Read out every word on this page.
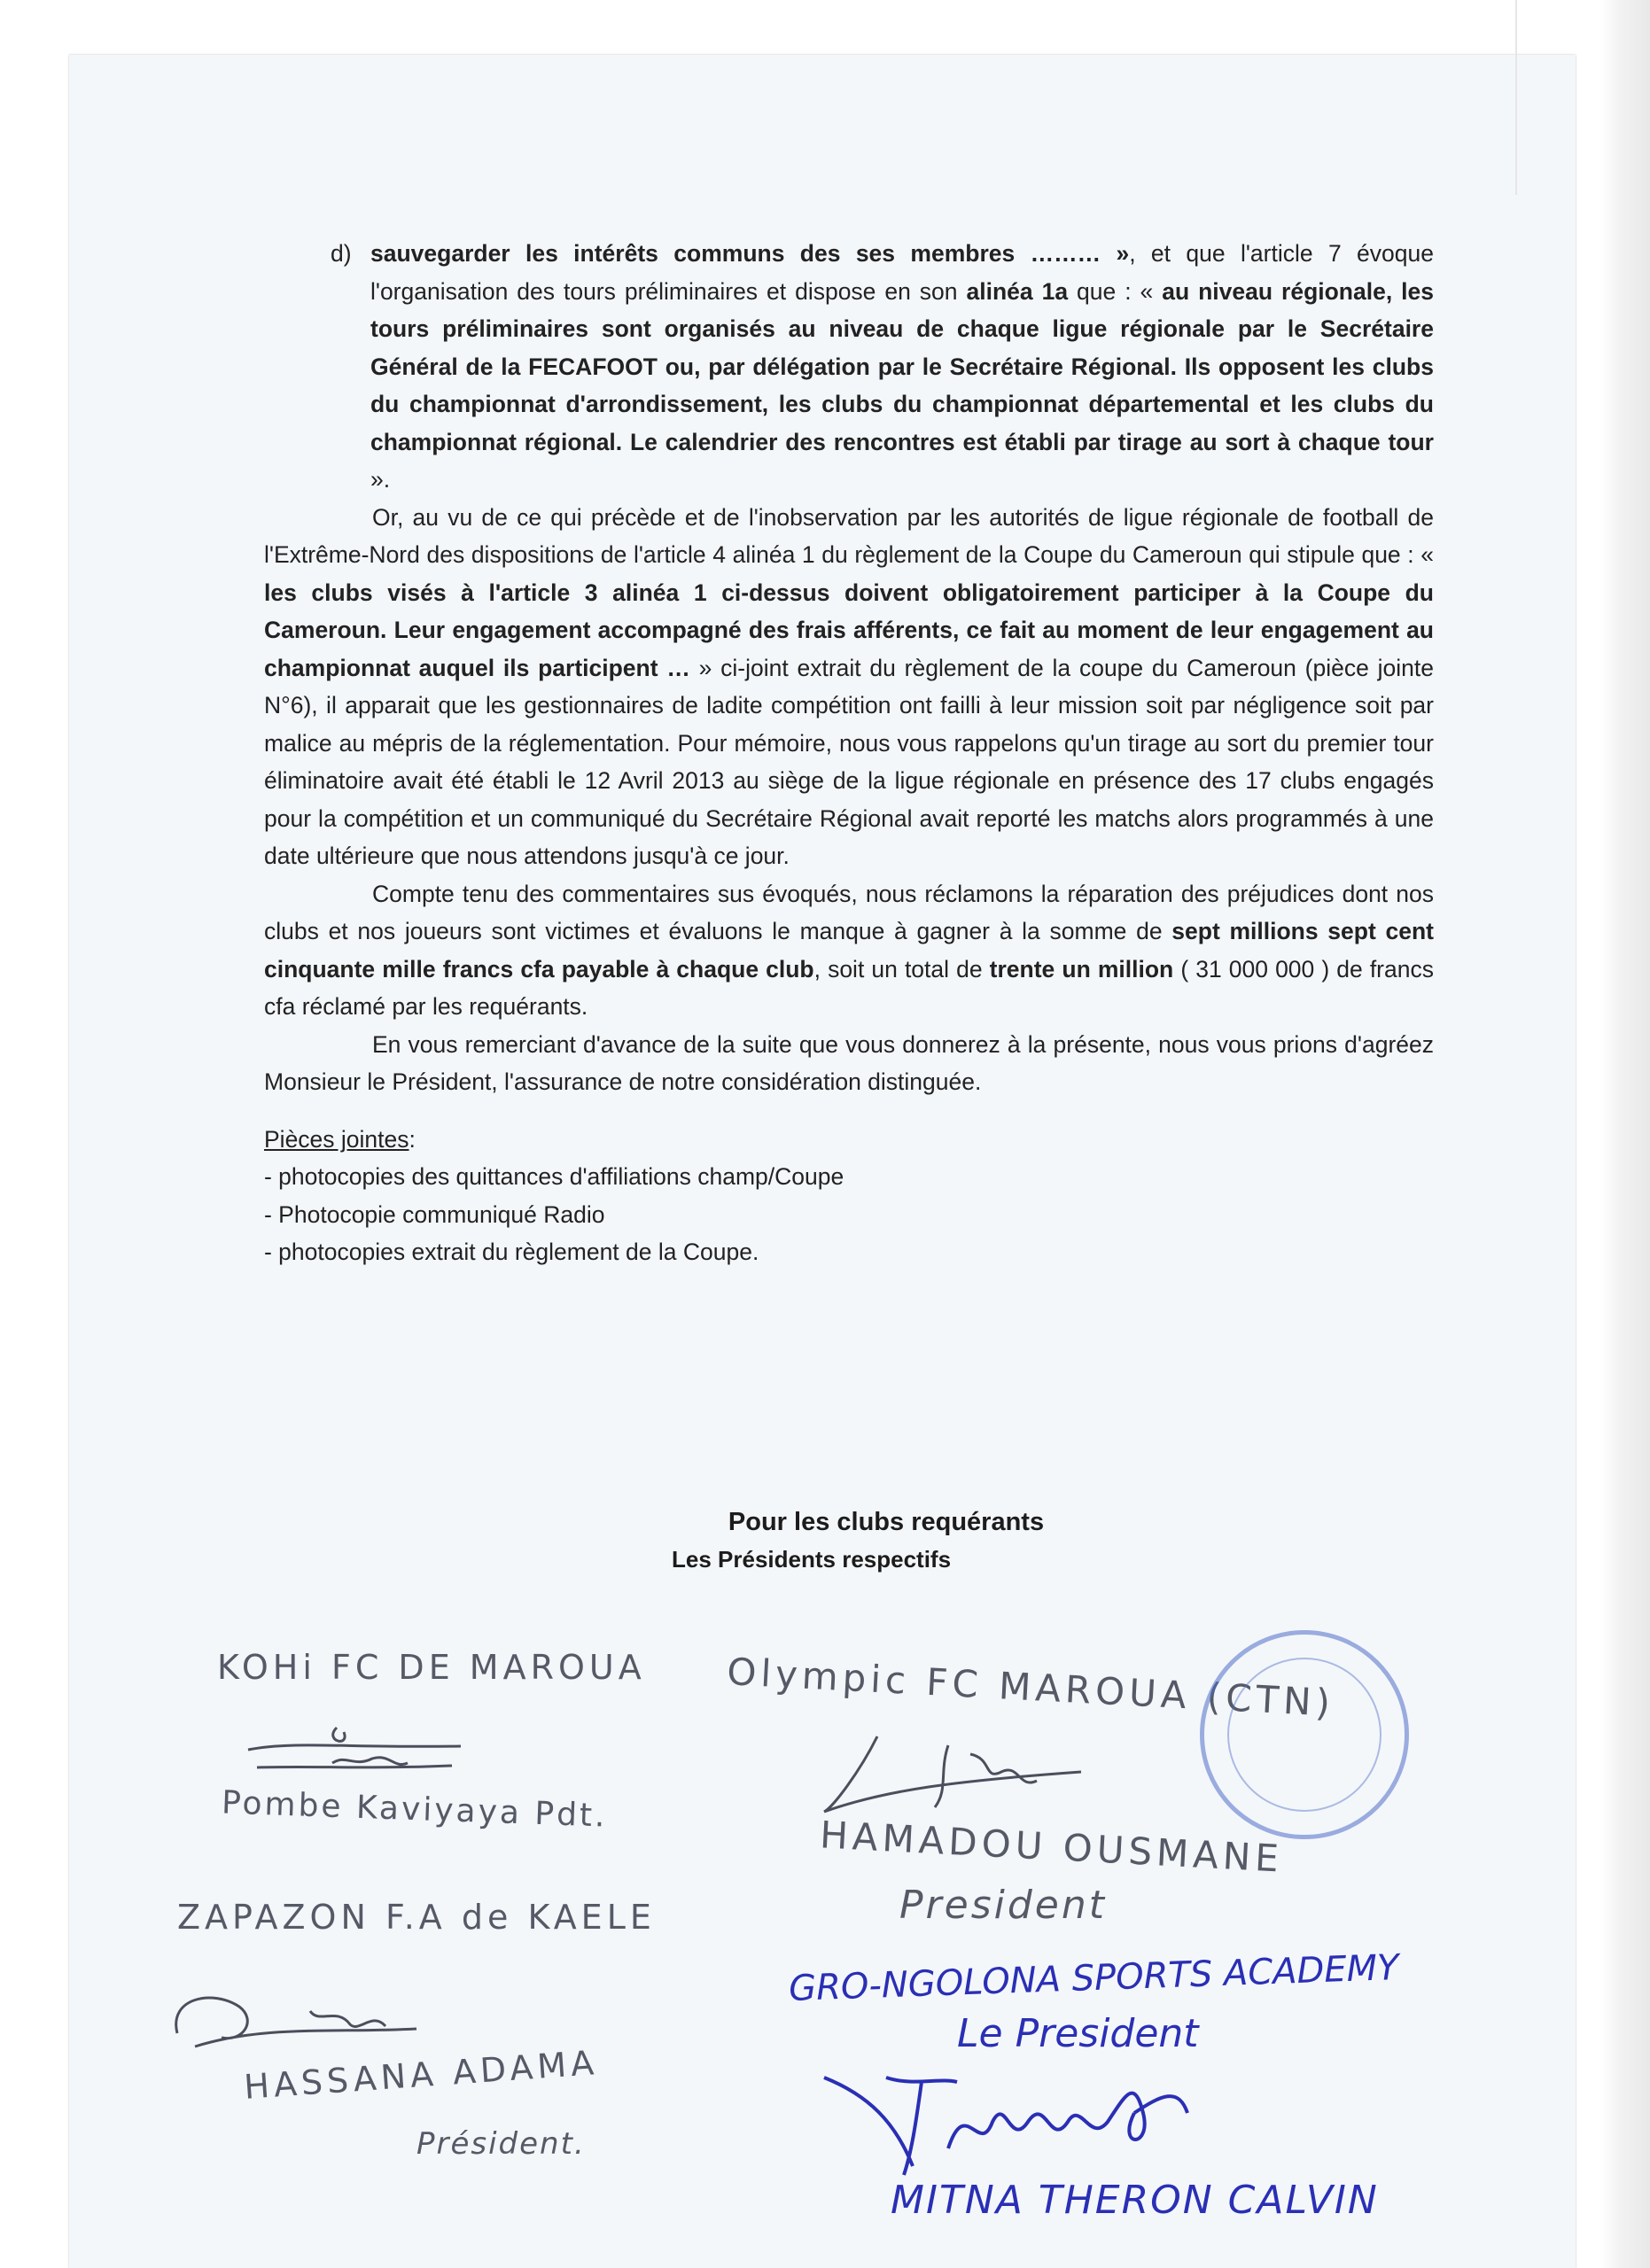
d) sauvegarder les intérêts communs des ses membres ……… », et que l'article 7 évoque l'organisation des tours préliminaires et dispose en son alinéa 1a que : « au niveau régionale, les tours préliminaires sont organisés au niveau de chaque ligue régionale par le Secrétaire Général de la FECAFOOT ou, par délégation par le Secrétaire Régional. Ils opposent les clubs du championnat d'arrondissement, les clubs du championnat départemental et les clubs du championnat régional. Le calendrier des rencontres est établi par tirage au sort à chaque tour ».

Or, au vu de ce qui précède et de l'inobservation par les autorités de ligue régionale de football de l'Extrême-Nord des dispositions de l'article 4 alinéa 1 du règlement de la Coupe du Cameroun qui stipule que : « les clubs visés à l'article 3 alinéa 1 ci-dessus doivent obligatoirement participer à la Coupe du Cameroun. Leur engagement accompagné des frais afférents, ce fait au moment de leur engagement au championnat auquel ils participent … » ci-joint extrait du règlement de la coupe du Cameroun (pièce jointe N°6), il apparait que les gestionnaires de ladite compétition ont failli à leur mission soit par négligence soit par malice au mépris de la réglementation. Pour mémoire, nous vous rappelons qu'un tirage au sort du premier tour éliminatoire avait été établi le 12 Avril 2013 au siège de la ligue régionale en présence des 17 clubs engagés pour la compétition et un communiqué du Secrétaire Régional avait reporté les matchs alors programmés à une date ultérieure que nous attendons jusqu'à ce jour.

Compte tenu des commentaires sus évoqués, nous réclamons la réparation des préjudices dont nos clubs et nos joueurs sont victimes et évaluons le manque à gagner à la somme de sept millions sept cent cinquante mille francs cfa payable à chaque club, soit un total de trente un million ( 31 000 000 ) de francs cfa réclamé par les requérants.

En vous remerciant d'avance de la suite que vous donnerez à la présente, nous vous prions d'agréez Monsieur le Président, l'assurance de notre considération distinguée.

Pièces jointes:

- photocopies des quittances d'affiliations champ/Coupe
- Photocopie communiqué Radio
- photocopies extrait du règlement de la Coupe.
Pour les clubs requérants
Les Présidents respectifs
KOHi FC DE MAROUA
Pombe Kaviyaya Pdt.
ZAPAZON F.A de KAELE
HASSANA ADAMA
Président.
Olympic FC MAROUA (CTN)
HAMADOU OUSMANE
President
GRO-NGOLONA SPORTS ACADEMY
Le President
MITNA THERON CALVIN
